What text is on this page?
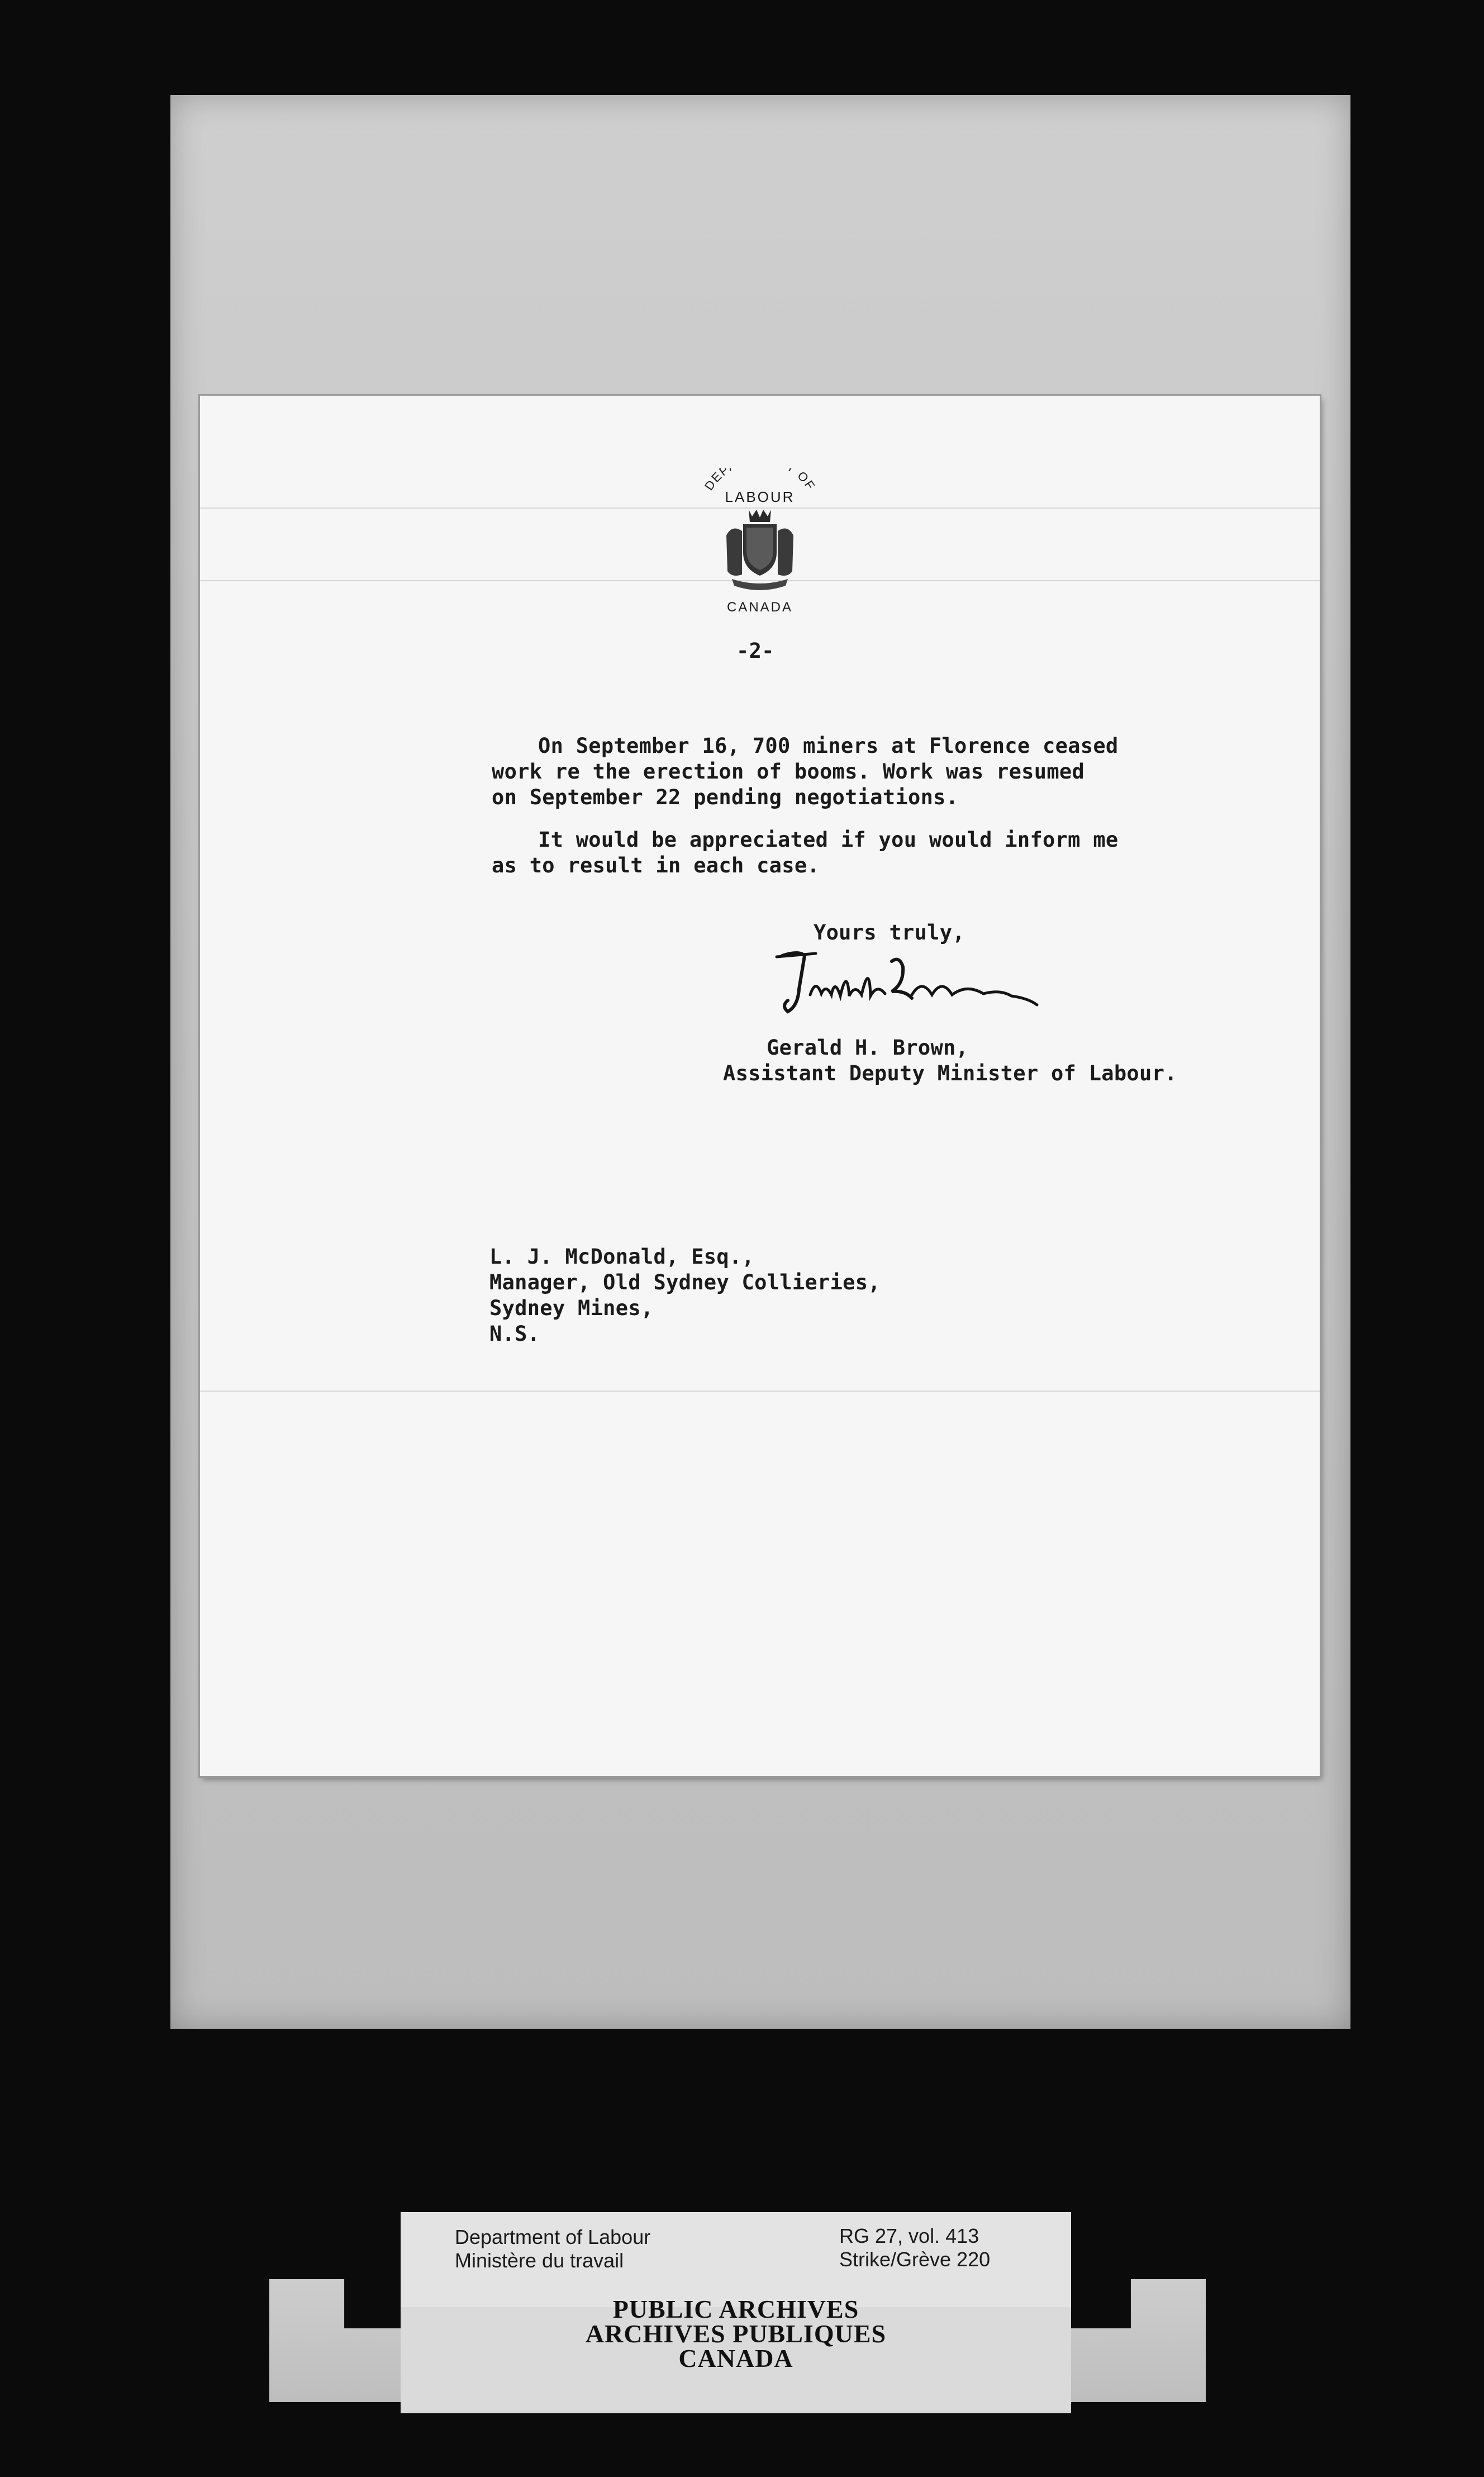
DEP OF
LABOUR
CANADA
-2-
On September 16, 700 miners at Florence ceased
work re the erection of booms. Work was resumed
on September 22 pending negotiations.
It would be appreciated if you would inform me
as to result in each case.
Yours truly,
Gerald H. Brown,
Assistant Deputy Minister of Labour.
L. J. McDonald, Esq.,
Manager, Old Sydney Collieries,
Sydney Mines,
N.S.
Department of Labour
Ministère du travail
RG 27, vol. 413
Strike/Grève 220
PUBLIC ARCHIVES
ARCHIVES PUBLIQUES
CANADA
